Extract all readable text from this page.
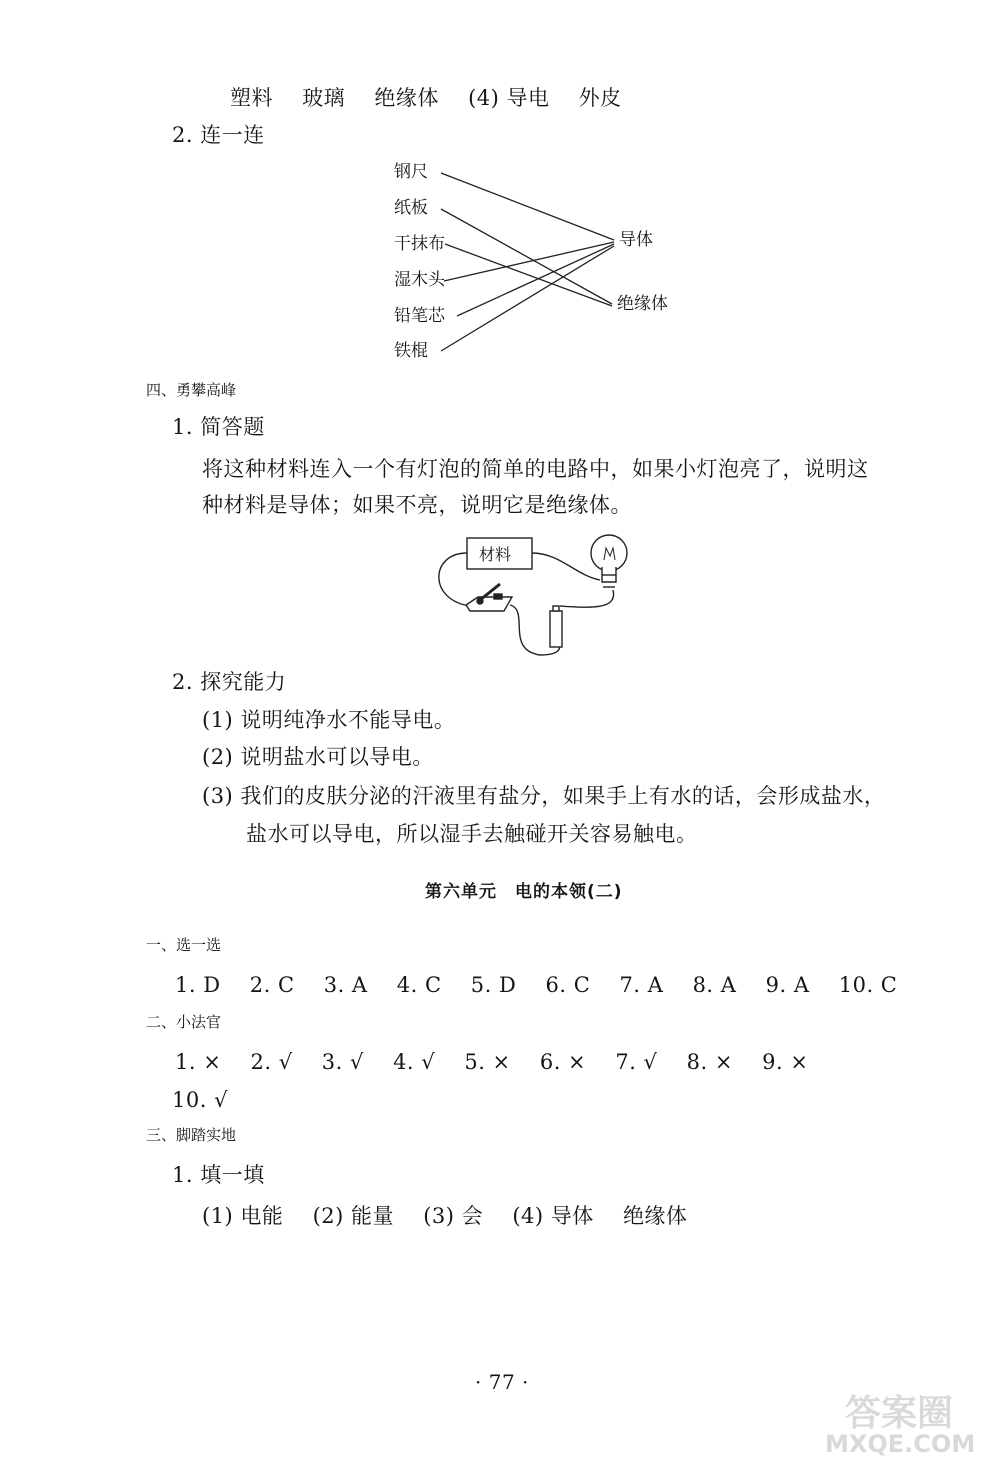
塑料 玻璃 绝缘体 (4) 导电 外皮
2. 连一连
钢尺
纸板
干抹布
湿木头
铅笔芯
铁棍
导体
绝缘体
材料
四、勇攀高峰
1. 简答题
将这种材料连入一个有灯泡的简单的电路中，如果小灯泡亮了，说明这
种材料是导体；如果不亮，说明它是绝缘体。
2. 探究能力
(1) 说明纯净水不能导电。
(2) 说明盐水可以导电。
(3) 我们的皮肤分泌的汗液里有盐分，如果手上有水的话，会形成盐水，
盐水可以导电，所以湿手去触碰开关容易触电。
第六单元　电的本领(二)
一、选一选
1. D 2. C 3. A 4. C 5. D 6. C 7. A 8. A 9. A 10. C
二、小法官
1. × 2. √ 3. √ 4. √ 5. × 6. × 7. √ 8. × 9. ×
10. √
三、脚踏实地
1. 填一填
(1) 电能 (2) 能量 (3) 会 (4) 导体 绝缘体
· 77 ·
答案圈
MXQE.COM
